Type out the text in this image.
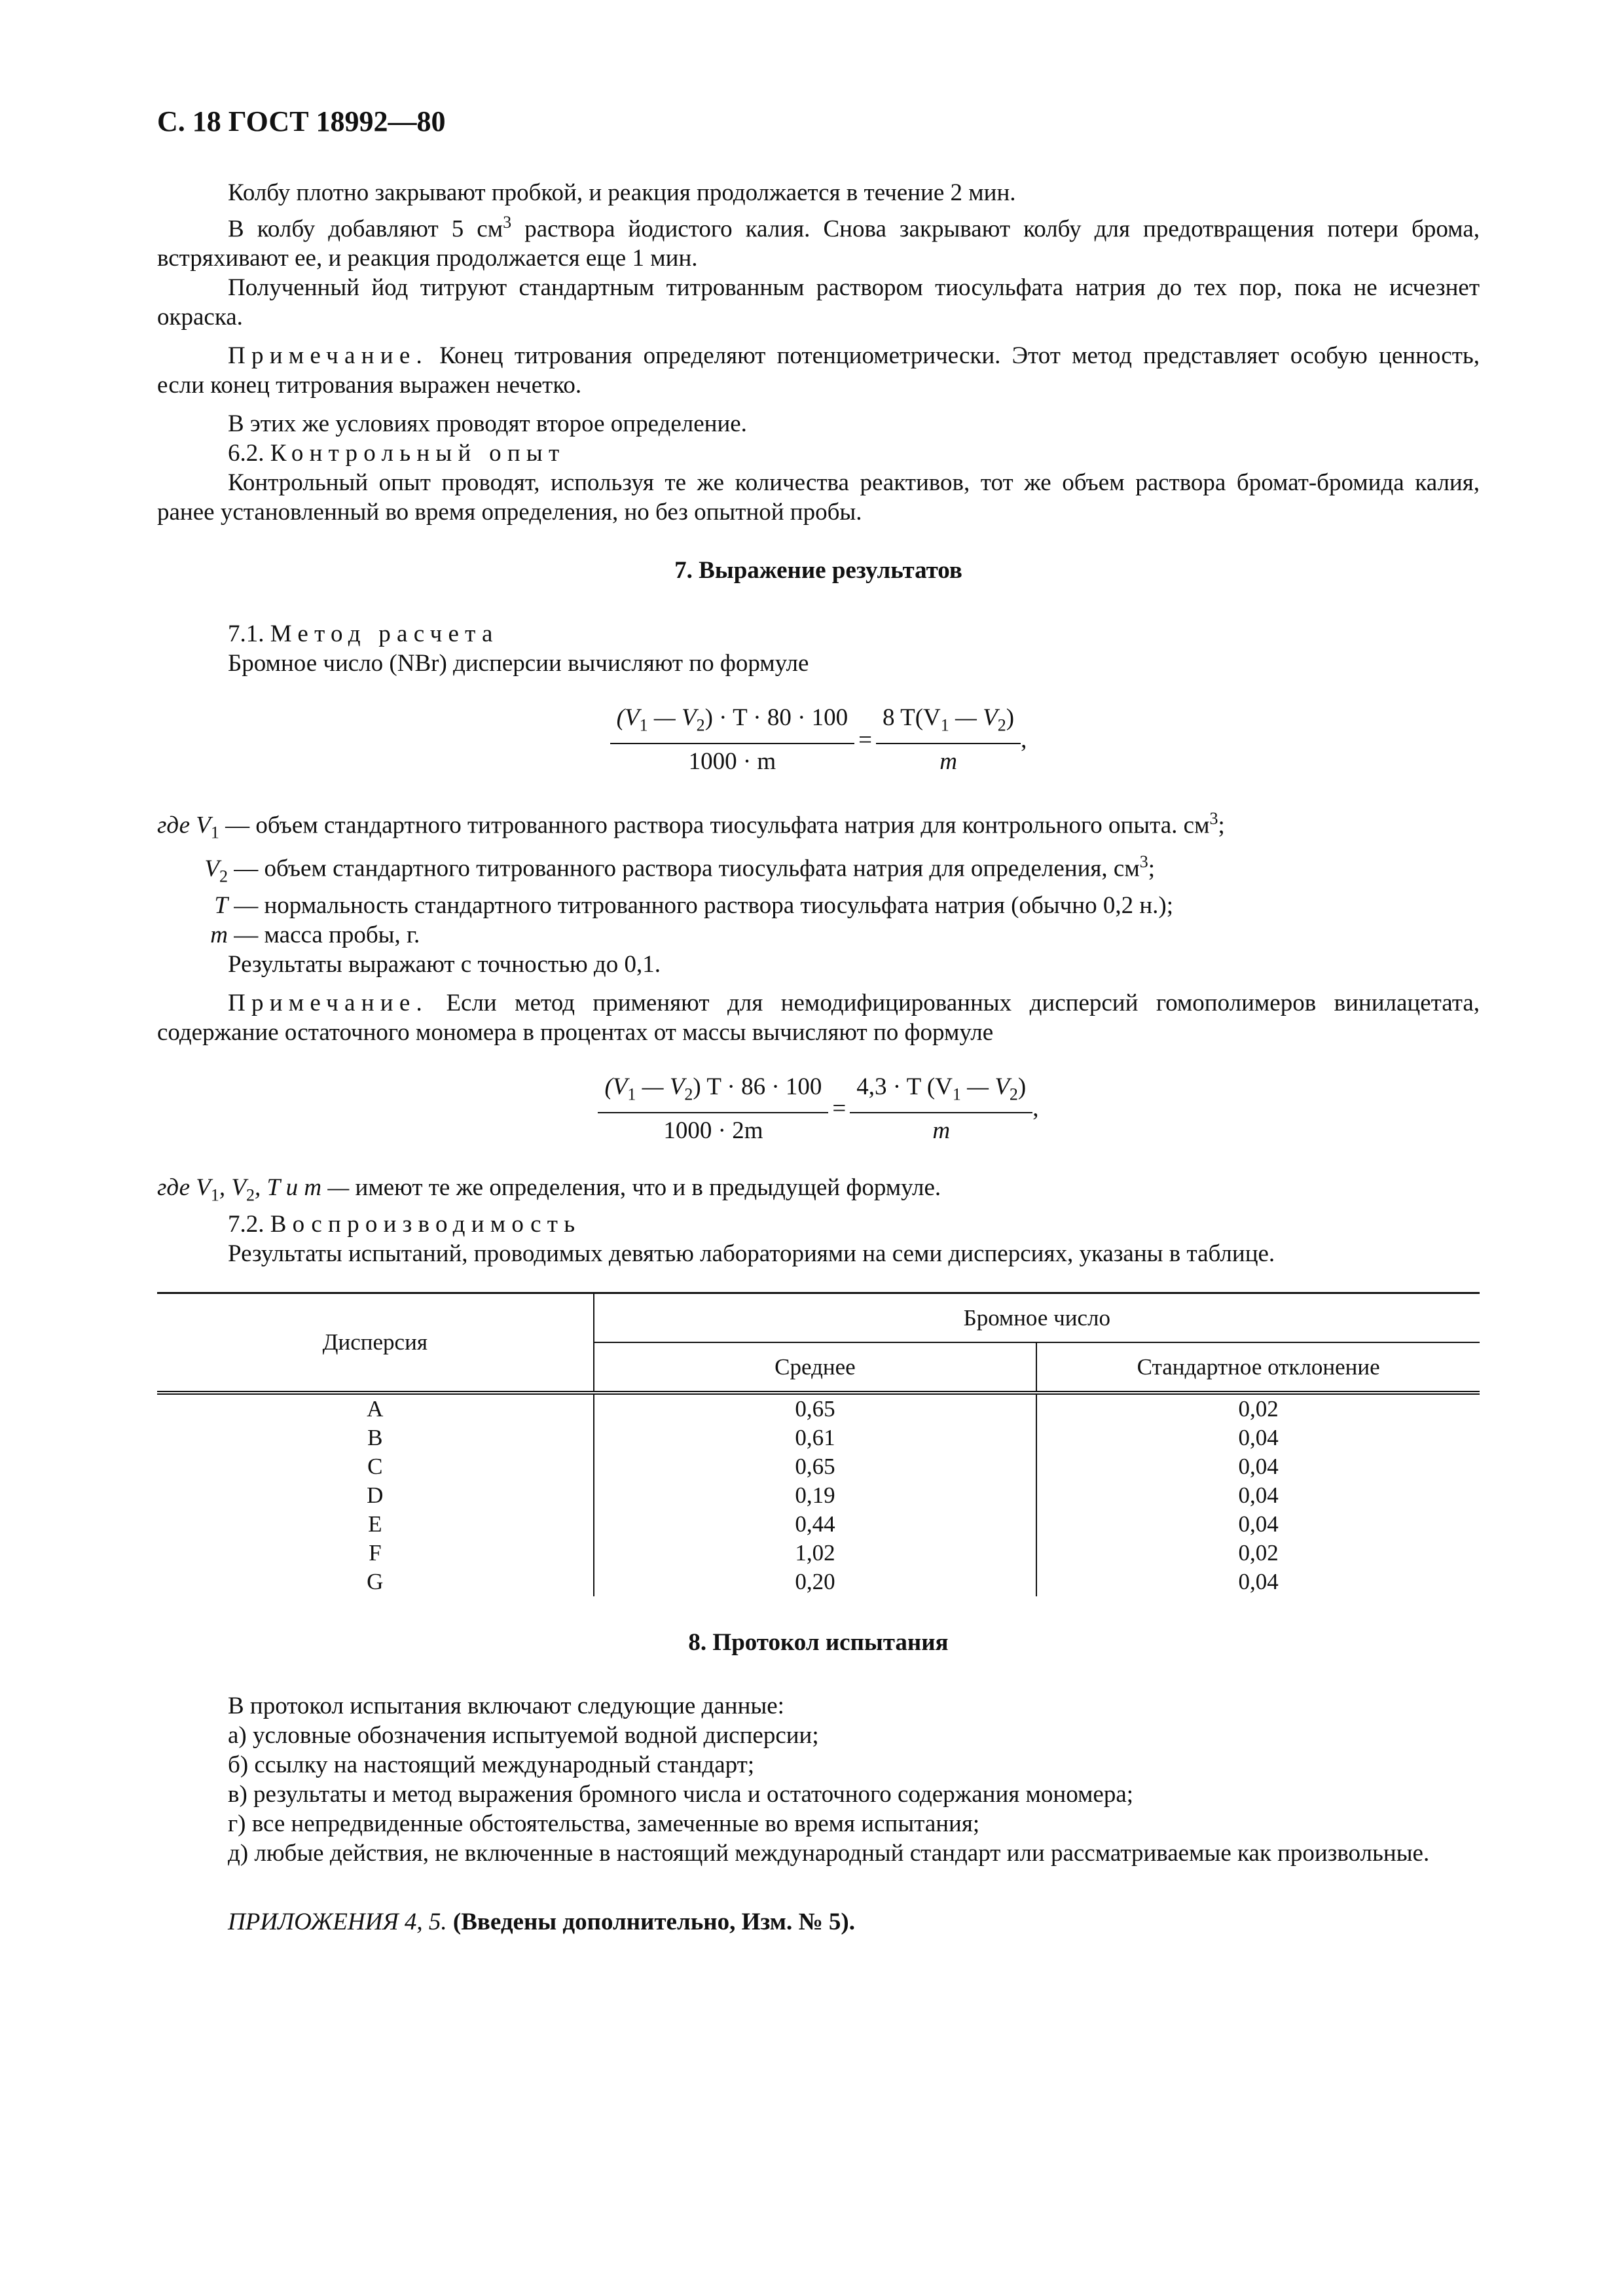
С. 18 ГОСТ 18992—80

Колбу плотно закрывают пробкой, и реакция продолжается в течение 2 мин.

В колбу добавляют 5 $см^3$ раствора йодистого калия. Снова закрывают колбу для предотвращения потери брома, встряхивают ее, и реакция продолжается еще 1 мин.

Полученный йод титруют стандартным титрованным раствором тиосульфата натрия до тех пор, пока не исчезнет окраска.

Примечание. Конец титрования определяют потенциометрически. Этот метод представляет особую ценность, если конец титрования выражен нечетко.

В этих же условиях проводят второе определение.

6.2. Контрольный опыт

Контрольный опыт проводят, используя те же количества реактивов, тот же объем раствора бромат-бромида калия, ранее установленный во время определения, но без опытной пробы.

7. Выражение результатов

7.1. Метод расчета

Бромное число (NBr) дисперсии вычисляют по формуле

$\frac{(V_1 — V_2) \cdot T \cdot 80 \cdot 100}{1000 \cdot m} = \frac{8 T(V_1 — V_2)}{m}$ ,
где $V_1$ — объем стандартного титрованного раствора тиосульфата натрия для контрольного опыта. $см^3$;
$V_2$ — объем стандартного титрованного раствора тиосульфата натрия для определения, $см^3$;
T — нормальность стандартного титрованного раствора тиосульфата натрия (обычно 0,2 н.);
m — масса пробы, г.

Результаты выражают с точностью до 0,1.

Примечание. Если метод применяют для немодифицированных дисперсий гомополимеров винилацетата, содержание остаточного мономера в процентах от массы вычисляют по формуле

$\frac{(V_1 — V_2) T \cdot 86 \cdot 100}{1000 \cdot 2m} = \frac{4,3 \cdot T (V_1 — V_2)}{m}$ ,

где $V_1$, $V_2$, T и m — имеют те же определения, что и в предыдущей формуле.

7.2. Воспроизводимость

Результаты испытаний, проводимых девятью лабораториями на семи дисперсиях, указаны в таблице.

Дисперсия	Бромное число	
	Среднее	Стандартное отклонение
A	0,65	0,02
B	0,61	0,04
C	0,65	0,04
D	0,19	0,04
E	0,44	0,04
F	1,02	0,02
G	0,20	0,04
8. Протокол испытания

В протокол испытания включают следующие данные:

а) условные обозначения испытуемой водной дисперсии;

б) ссылку на настоящий международный стандарт;

в) результаты и метод выражения бромного числа и остаточного содержания мономера;

г) все непредвиденные обстоятельства, замеченные во время испытания;

д) любые действия, не включенные в настоящий международный стандарт или рассматриваемые как произвольные.

ПРИЛОЖЕНИЯ 4, 5. (Введены дополнительно, Изм. № 5).
